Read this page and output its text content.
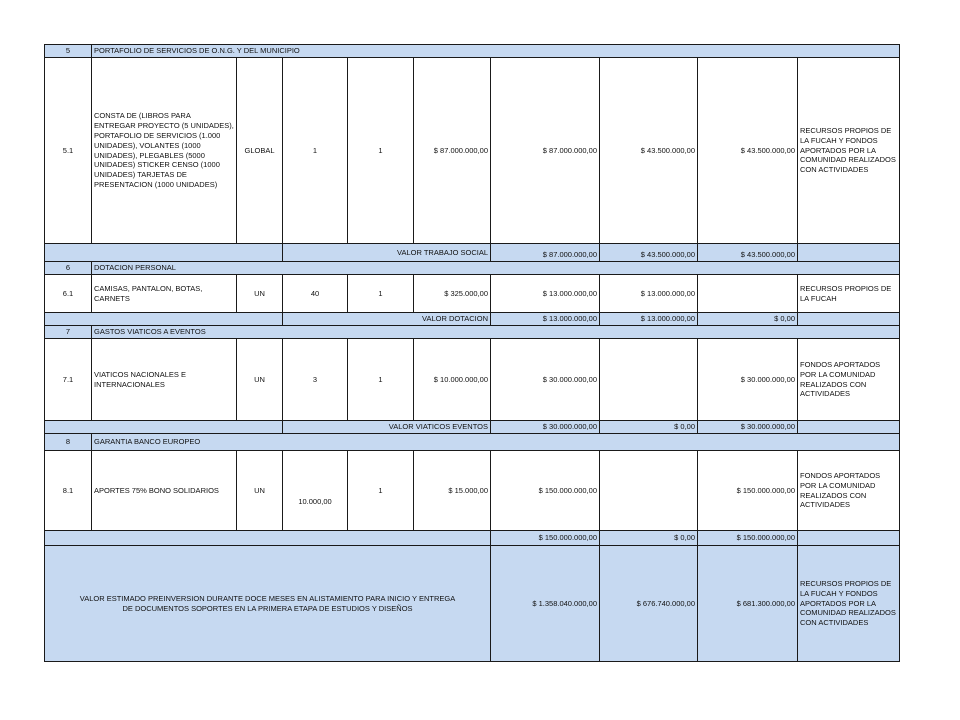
5	PORTAFOLIO DE SERVICIOS DE O.N.G. Y DEL MUNICIPIO								
5.1	CONSTA DE (LIBROS PARA ENTREGAR PROYECTO (5 UNIDADES), PORTAFOLIO DE SERVICIOS (1.000 UNIDADES), VOLANTES (1000 UNIDADES), PLEGABLES (5000 UNIDADES) STICKER CENSO (1000 UNIDADES) TARJETAS DE PRESENTACION (1000 UNIDADES)	GLOBAL	1	1	$ 87.000.000,00	$ 87.000.000,00	$ 43.500.000,00	$ 43.500.000,00	RECURSOS PROPIOS DE LA FUCAH Y FONDOS APORTADOS POR LA COMUNIDAD REALIZADOS CON ACTIVIDADES
			VALOR TRABAJO SOCIAL			$ 87.000.000,00	$ 43.500.000,00	$ 43.500.000,00	
6	DOTACION PERSONAL								
6.1	CAMISAS, PANTALON, BOTAS, CARNETS	UN	40	1	$ 325.000,00	$ 13.000.000,00	$ 13.000.000,00		RECURSOS PROPIOS DE LA FUCAH
			VALOR DOTACION			$ 13.000.000,00	$ 13.000.000,00	$ 0,00	
7	GASTOS VIATICOS A EVENTOS								
7.1	VIATICOS NACIONALES E INTERNACIONALES	UN	3	1	$ 10.000.000,00	$ 30.000.000,00		$ 30.000.000,00	FONDOS APORTADOS POR LA COMUNIDAD REALIZADOS CON ACTIVIDADES
			VALOR VIATICOS EVENTOS			$ 30.000.000,00	$ 0,00	$ 30.000.000,00	
8	GARANTIA BANCO EUROPEO								
8.1	APORTES 75% BONO SOLIDARIOS	UN	10.000,00	1	$ 15.000,00	$ 150.000.000,00		$ 150.000.000,00	FONDOS APORTADOS POR LA COMUNIDAD REALIZADOS CON ACTIVIDADES
						$ 150.000.000,00	$ 0,00	$ 150.000.000,00	
VALOR ESTIMADO PREINVERSION DURANTE DOCE MESES EN ALISTAMIENTO PARA INICIO Y ENTREGA DE DOCUMENTOS SOPORTES EN LA PRIMERA ETAPA DE ESTUDIOS Y DISEÑOS						$ 1.358.040.000,00	$ 676.740.000,00	$ 681.300.000,00	RECURSOS PROPIOS DE LA FUCAH Y FONDOS APORTADOS POR LA COMUNIDAD REALIZADOS CON ACTIVIDADES
